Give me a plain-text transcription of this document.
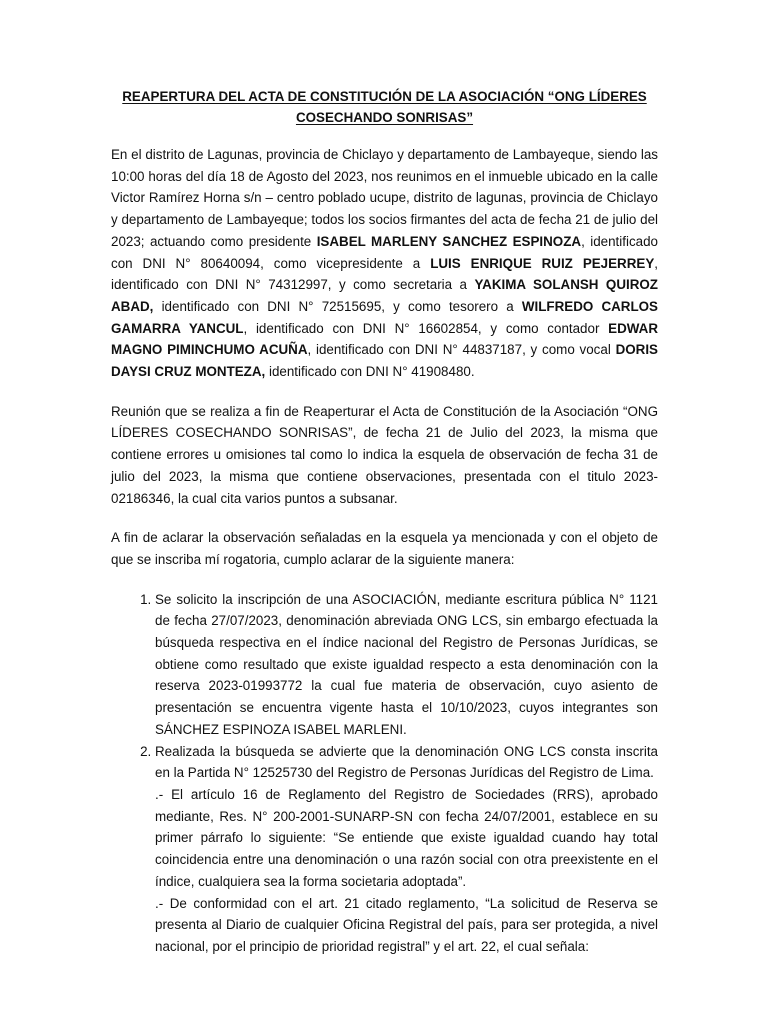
REAPERTURA DEL ACTA DE CONSTITUCIÓN DE LA ASOCIACIÓN “ONG LÍDERES
COSECHANDO SONRISAS”

En el distrito de Lagunas, provincia de Chiclayo y departamento de Lambayeque, siendo las 10:00 horas del día 18 de Agosto del 2023, nos reunimos en el inmueble ubicado en la calle Victor Ramírez Horna s/n – centro poblado ucupe, distrito de lagunas, provincia de Chiclayo y departamento de Lambayeque; todos los socios firmantes del acta de fecha 21 de julio del 2023; actuando como presidente ISABEL MARLENY SANCHEZ ESPINOZA, identificado con DNI N° 80640094, como vicepresidente a LUIS ENRIQUE RUIZ PEJERREY, identificado con DNI N° 74312997, y como secretaria a YAKIMA SOLANSH QUIROZ ABAD, identificado con DNI N° 72515695, y como tesorero a WILFREDO CARLOS GAMARRA YANCUL, identificado con DNI N° 16602854, y como contador EDWAR MAGNO PIMINCHUMO ACUÑA, identificado con DNI N° 44837187, y como vocal DORIS DAYSI CRUZ MONTEZA, identificado con DNI N° 41908480.

Reunión que se realiza a fin de Reaperturar el Acta de Constitución de la Asociación “ONG LÍDERES COSECHANDO SONRISAS”, de fecha 21 de Julio del 2023, la misma que contiene errores u omisiones tal como lo indica la esquela de observación de fecha 31 de julio del 2023, la misma que contiene observaciones, presentada con el titulo 2023-02186346, la cual cita varios puntos a subsanar.

A fin de aclarar la observación señaladas en la esquela ya mencionada y con el objeto de que se inscriba mí rogatoria, cumplo aclarar de la siguiente manera:

1. Se solicito la inscripción de una ASOCIACIÓN, mediante escritura pública N° 1121 de fecha 27/07/2023, denominación abreviada ONG LCS, sin embargo efectuada la búsqueda respectiva en el índice nacional del Registro de Personas Jurídicas, se obtiene como resultado que existe igualdad respecto a esta denominación con la reserva 2023-01993772 la cual fue materia de observación, cuyo asiento de presentación se encuentra vigente hasta el 10/10/2023, cuyos integrantes son SÁNCHEZ ESPINOZA ISABEL MARLENI.
2. Realizada la búsqueda se advierte que la denominación ONG LCS consta inscrita en la Partida N° 12525730 del Registro de Personas Jurídicas del Registro de Lima.
.- El artículo 16 de Reglamento del Registro de Sociedades (RRS), aprobado mediante, Res. N° 200-2001-SUNARP-SN con fecha 24/07/2001, establece en su primer párrafo lo siguiente: “Se entiende que existe igualdad cuando hay total coincidencia entre una denominación o una razón social con otra preexistente en el índice, cualquiera sea la forma societaria adoptada”.
.- De conformidad con el art. 21 citado reglamento, “La solicitud de Reserva se presenta al Diario de cualquier Oficina Registral del país, para ser protegida, a nivel nacional, por el principio de prioridad registral” y el art. 22, el cual señala:
